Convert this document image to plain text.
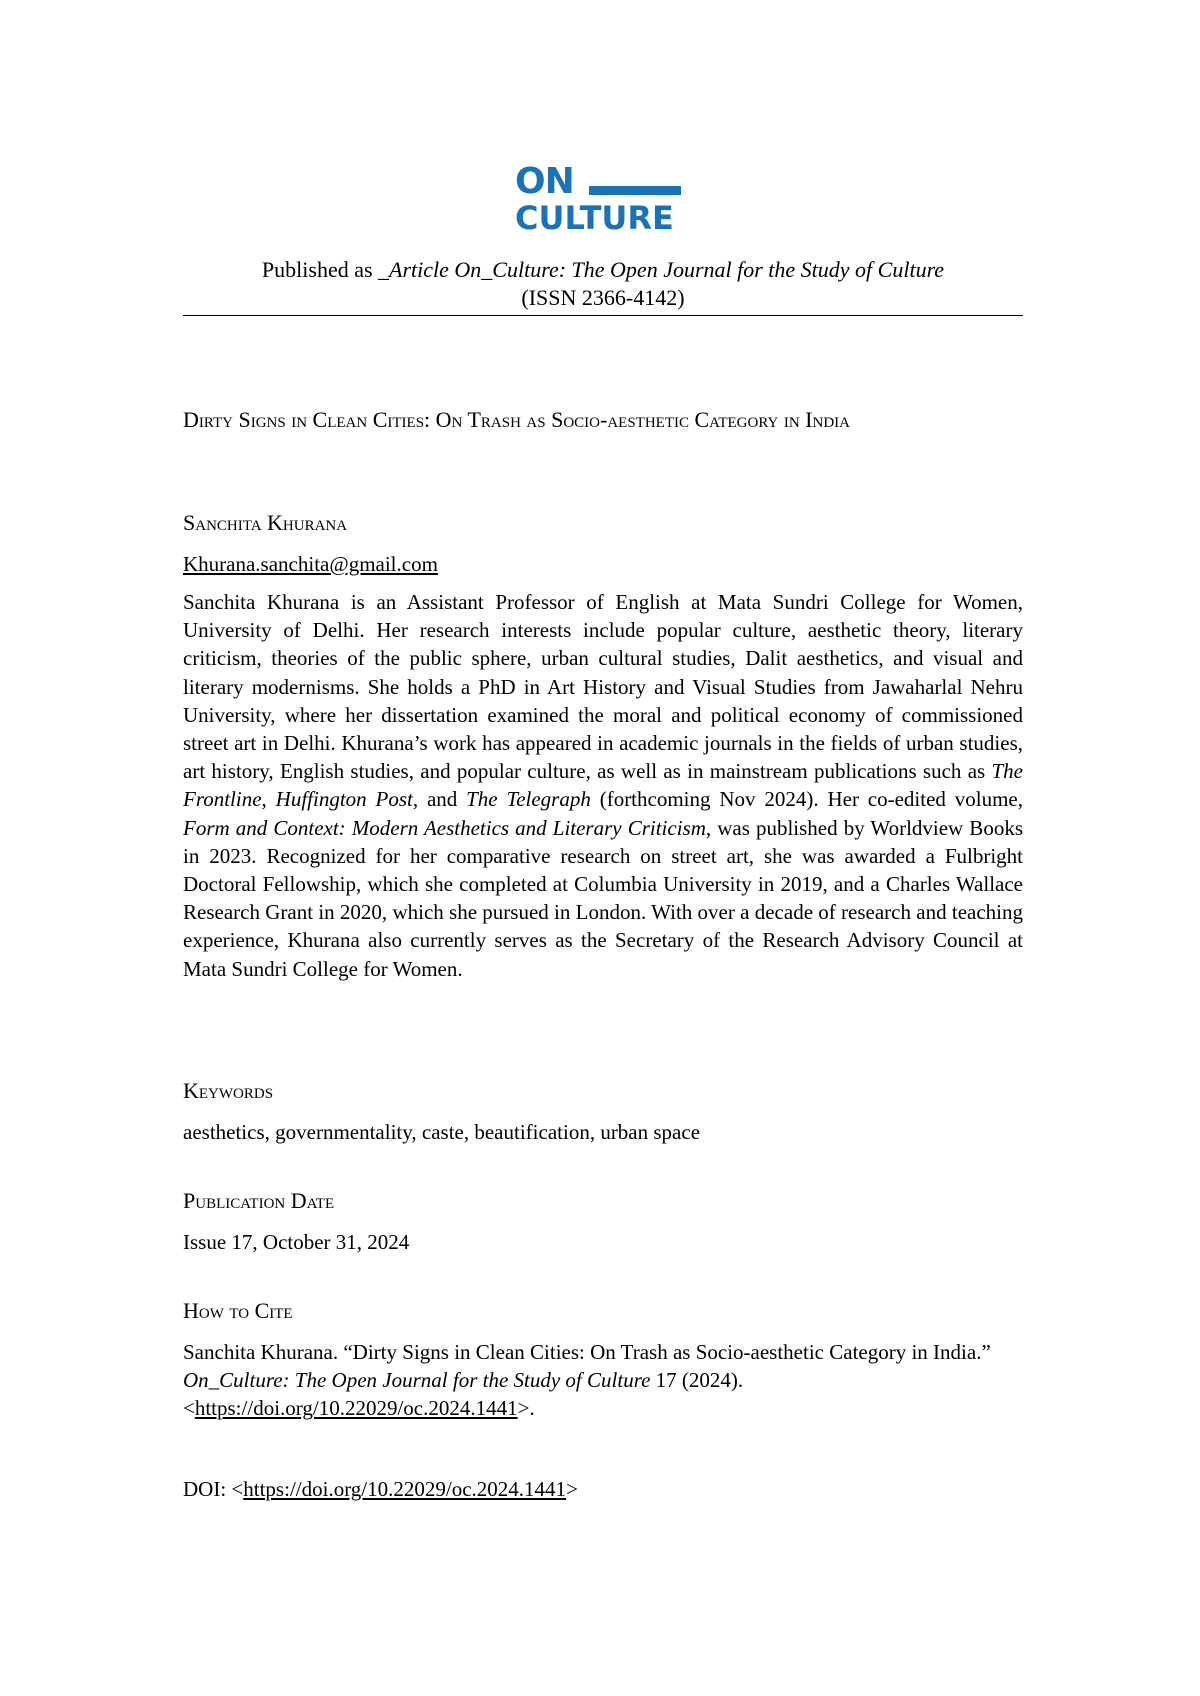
ON
CULTURE
Published as _Article On_Culture: The Open Journal for the Study of Culture
(ISSN 2366-4142)
Dirty Signs in Clean Cities: On Trash as Socio-aesthetic Category in India
Sanchita Khurana
Khurana.sanchita@gmail.com
Sanchita Khurana is an Assistant Professor of English at Mata Sundri College for Women, University of Delhi. Her research interests include popular culture, aesthetic theory, literary criticism, theories of the public sphere, urban cultural studies, Dalit aesthetics, and visual and literary modernisms. She holds a PhD in Art History and Visual Studies from Jawaharlal Nehru University, where her dissertation examined the moral and political economy of commissioned street art in Delhi. Khurana’s work has appeared in academic journals in the fields of urban studies, art history, English studies, and popular culture, as well as in mainstream publications such as The Frontline, Huffington Post, and The Telegraph (forthcoming Nov 2024). Her co-edited volume, Form and Context: Modern Aesthetics and Literary Criticism, was published by Worldview Books in 2023. Recognized for her comparative research on street art, she was awarded a Fulbright Doctoral Fellowship, which she completed at Columbia University in 2019, and a Charles Wallace Research Grant in 2020, which she pursued in London. With over a decade of research and teaching experience, Khurana also currently serves as the Secretary of the Research Advisory Council at Mata Sundri College for Women.
Keywords
aesthetics, governmentality, caste, beautification, urban space
Publication Date
Issue 17, October 31, 2024
How to Cite
Sanchita Khurana. “Dirty Signs in Clean Cities: On Trash as Socio-aesthetic Category in India.” On_Culture: The Open Journal for the Study of Culture 17 (2024).
<https://doi.org/10.22029/oc.2024.1441>.
DOI: <https://doi.org/10.22029/oc.2024.1441>
